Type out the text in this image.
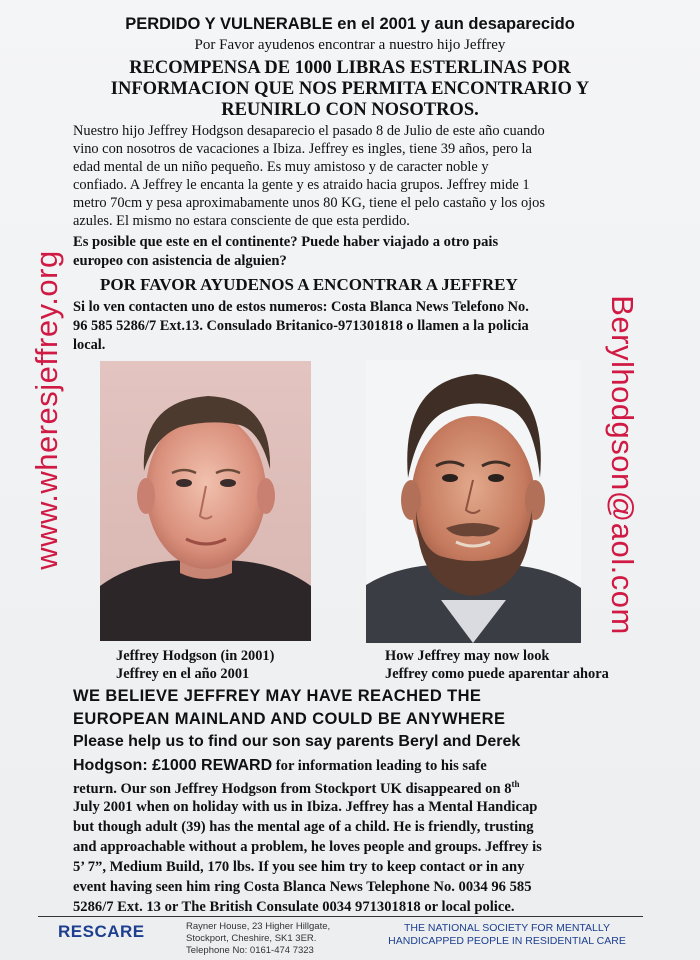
PERDIDO Y VULNERABLE en el 2001 y aun desaparecido
Por Favor ayudenos encontrar a nuestro hijo Jeffrey
RECOMPENSA DE 1000 LIBRAS ESTERLINAS POR
INFORMACION QUE NOS PERMITA ENCONTRARIO Y
REUNIRLO CON NOSOTROS.
Nuestro hijo Jeffrey Hodgson desaparecio el pasado 8 de Julio de este año cuando
vino con nosotros de vacaciones a Ibiza. Jeffrey es ingles, tiene 39 años, pero la
edad mental de un niño pequeño. Es muy amistoso y de caracter noble y
confiado. A Jeffrey le encanta la gente y es atraido hacia grupos. Jeffrey mide 1
metro 70cm y pesa aproximabamente unos 80 KG, tiene el pelo castaño y los ojos
azules. El mismo no estara consciente de que esta perdido.
Es posible que este en el continente? Puede haber viajado a otro pais
europeo con asistencia de alguien?
POR FAVOR AYUDENOS A ENCONTRAR A JEFFREY
Si lo ven contacten uno de estos numeros: Costa Blanca News Telefono No.
96 585 5286/7 Ext.13. Consulado Britanico-971301818 o llamen a la policia
local.
www.wheresjeffrey.org	Berylhodgson@aol.com
Jeffrey Hodgson (in 2001)
Jeffrey en el año 2001
How Jeffrey may now look
Jeffrey como puede aparentar ahora
WE BELIEVE JEFFREY MAY HAVE REACHED THE
EUROPEAN MAINLAND AND COULD BE ANYWHERE
Please help us to find our son say parents Beryl and Derek
Hodgson: £1000 REWARD for information leading to his safe
return. Our son Jeffrey Hodgson from Stockport UK disappeared on 8th
July 2001 when on holiday with us in Ibiza. Jeffrey has a Mental Handicap
but though adult (39) has the mental age of a child. He is friendly, trusting
and approachable without a problem, he loves people and groups. Jeffrey is
5’ 7”, Medium Build, 170 lbs. If you see him try to keep contact or in any
event having seen him ring Costa Blanca News Telephone No. 0034 96 585
5286/7 Ext. 13 or The British Consulate 0034 971301818 or local police.
RESCARE	Rayner House, 23 Higher Hillgate,
Stockport, Cheshire, SK1 3ER.
Telephone No: 0161-474 7323
THE NATIONAL SOCIETY FOR MENTALLY
HANDICAPPED PEOPLE IN RESIDENTIAL CARE
